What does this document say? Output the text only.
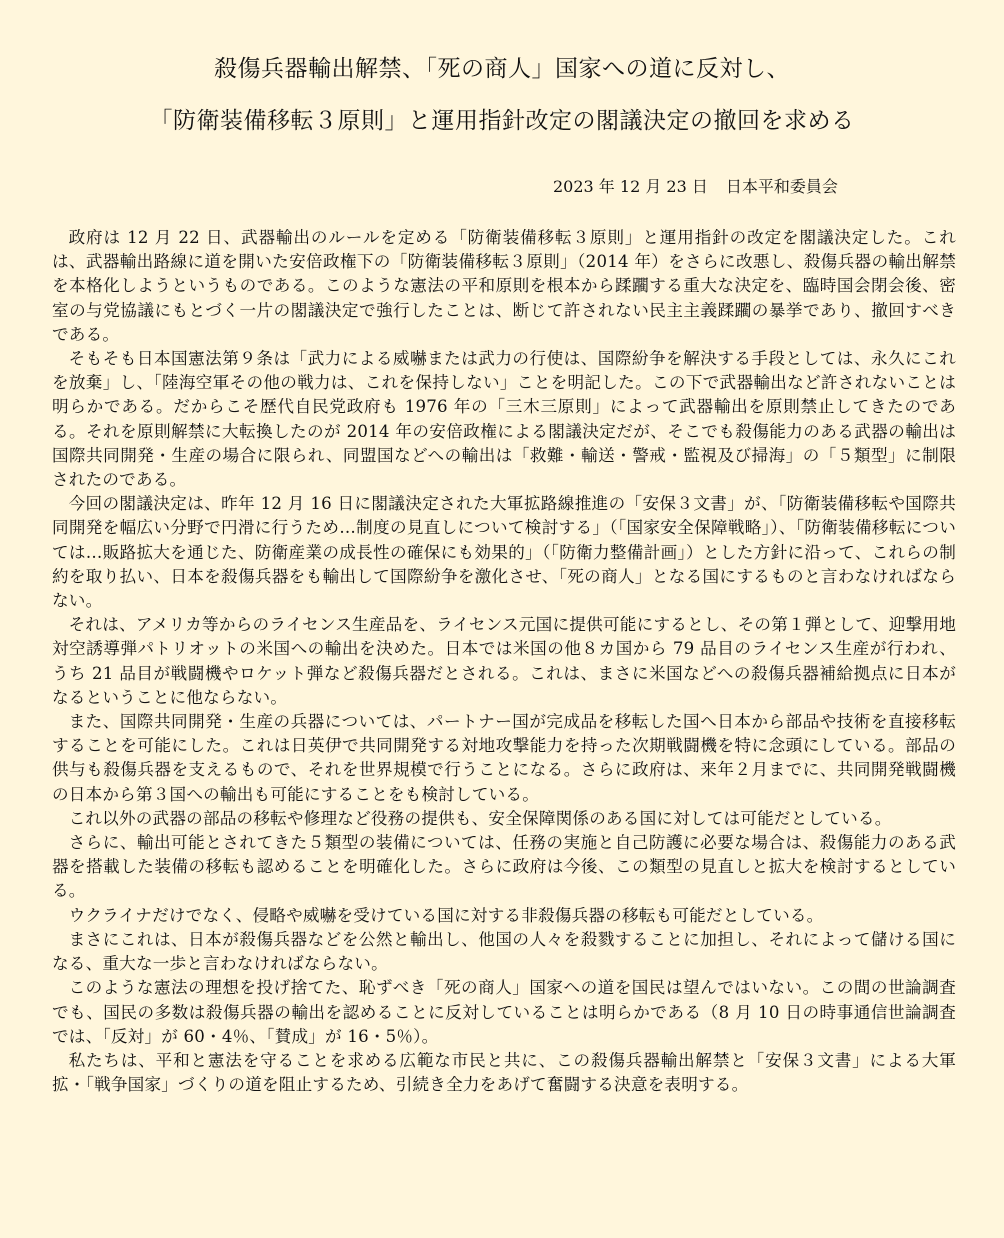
殺傷兵器輸出解禁、「死の商人」国家への道に反対し、
「防衛装備移転３原則」と運用指針改定の閣議決定の撤回を求める
2023 年 12 月 23 日 日本平和委員会

政府は 12 月 22 日、武器輸出のルールを定める「防衛装備移転３原則」と運用指針の改定を閣議決定した。これは、武器輸出路線に道を開いた安倍政権下の「防衛装備移転３原則」（2014 年）をさらに改悪し、殺傷兵器の輸出解禁を本格化しようというものである。このような憲法の平和原則を根本から蹂躙する重大な決定を、臨時国会閉会後、密室の与党協議にもとづく一片の閣議決定で強行したことは、断じて許されない民主主義蹂躙の暴挙であり、撤回すべきである。

そもそも日本国憲法第９条は「武力による威嚇または武力の行使は、国際紛争を解決する手段としては、永久にこれを放棄」し、「陸海空軍その他の戦力は、これを保持しない」ことを明記した。この下で武器輸出など許されないことは明らかである。だからこそ歴代自民党政府も 1976 年の「三木三原則」によって武器輸出を原則禁止してきたのである。それを原則解禁に大転換したのが 2014 年の安倍政権による閣議決定だが、そこでも殺傷能力のある武器の輸出は国際共同開発・生産の場合に限られ、同盟国などへの輸出は「救難・輸送・警戒・監視及び掃海」の「５類型」に制限されたのである。

今回の閣議決定は、昨年 12 月 16 日に閣議決定された大軍拡路線推進の「安保３文書」が、「防衛装備移転や国際共同開発を幅広い分野で円滑に行うため…制度の見直しについて検討する」（「国家安全保障戦略」）、「防衛装備移転については…販路拡大を通じた、防衛産業の成長性の確保にも効果的」（「防衛力整備計画」）とした方針に沿って、これらの制約を取り払い、日本を殺傷兵器をも輸出して国際紛争を激化させ、「死の商人」となる国にするものと言わなければならない。

それは、アメリカ等からのライセンス生産品を、ライセンス元国に提供可能にするとし、その第１弾として、迎撃用地対空誘導弾パトリオットの米国への輸出を決めた。日本では米国の他８カ国から 79 品目のライセンス生産が行われ、うち 21 品目が戦闘機やロケット弾など殺傷兵器だとされる。これは、まさに米国などへの殺傷兵器補給拠点に日本がなるということに他ならない。

また、国際共同開発・生産の兵器については、パートナー国が完成品を移転した国へ日本から部品や技術を直接移転することを可能にした。これは日英伊で共同開発する対地攻撃能力を持った次期戦闘機を特に念頭にしている。部品の供与も殺傷兵器を支えるもので、それを世界規模で行うことになる。さらに政府は、来年２月までに、共同開発戦闘機の日本から第３国への輸出も可能にすることをも検討している。

これ以外の武器の部品の移転や修理など役務の提供も、安全保障関係のある国に対しては可能だとしている。

さらに、輸出可能とされてきた５類型の装備については、任務の実施と自己防護に必要な場合は、殺傷能力のある武器を搭載した装備の移転も認めることを明確化した。さらに政府は今後、この類型の見直しと拡大を検討するとしている。

ウクライナだけでなく、侵略や威嚇を受けている国に対する非殺傷兵器の移転も可能だとしている。

まさにこれは、日本が殺傷兵器などを公然と輸出し、他国の人々を殺戮することに加担し、それによって儲ける国になる、重大な一歩と言わなければならない。

このような憲法の理想を投げ捨てた、恥ずべき「死の商人」国家への道を国民は望んではいない。この間の世論調査でも、国民の多数は殺傷兵器の輸出を認めることに反対していることは明らかである（8 月 10 日の時事通信世論調査では、「反対」が 60・4％、「賛成」が 16・5％）。

私たちは、平和と憲法を守ることを求める広範な市民と共に、この殺傷兵器輸出解禁と「安保３文書」による大軍拡・「戦争国家」づくりの道を阻止するため、引続き全力をあげて奮闘する決意を表明する。
